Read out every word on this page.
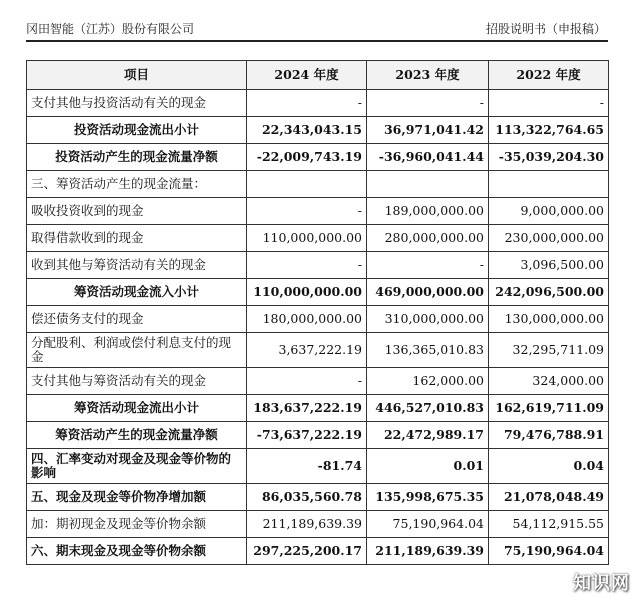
冈田智能（江苏）股份有限公司	招股说明书（申报稿）
项目	2024 年度	2023 年度	2022 年度
支付其他与投资活动有关的现金	-	-	-
投资活动现金流出小计	22,343,043.15	36,971,041.42	113,322,764.65
投资活动产生的现金流量净额	-22,009,743.19	-36,960,041.44	-35,039,204.30
三、筹资活动产生的现金流量：			
吸收投资收到的现金	-	189,000,000.00	9,000,000.00
取得借款收到的现金	110,000,000.00	280,000,000.00	230,000,000.00
收到其他与筹资活动有关的现金	-	-	3,096,500.00
筹资活动现金流入小计	110,000,000.00	469,000,000.00	242,096,500.00
偿还债务支付的现金	180,000,000.00	310,000,000.00	130,000,000.00
分配股利、利润或偿付利息支付的现金	3,637,222.19	136,365,010.83	32,295,711.09
支付其他与筹资活动有关的现金	-	162,000.00	324,000.00
筹资活动现金流出小计	183,637,222.19	446,527,010.83	162,619,711.09
筹资活动产生的现金流量净额	-73,637,222.19	22,472,989.17	79,476,788.91
四、汇率变动对现金及现金等价物的影响	-81.74	0.01	0.04
五、现金及现金等价物净增加额	86,035,560.78	135,998,675.35	21,078,048.49
加：期初现金及现金等价物余额	211,189,639.39	75,190,964.04	54,112,915.55
六、期末现金及现金等价物余额	297,225,200.17	211,189,639.39	75,190,964.04
知识网
